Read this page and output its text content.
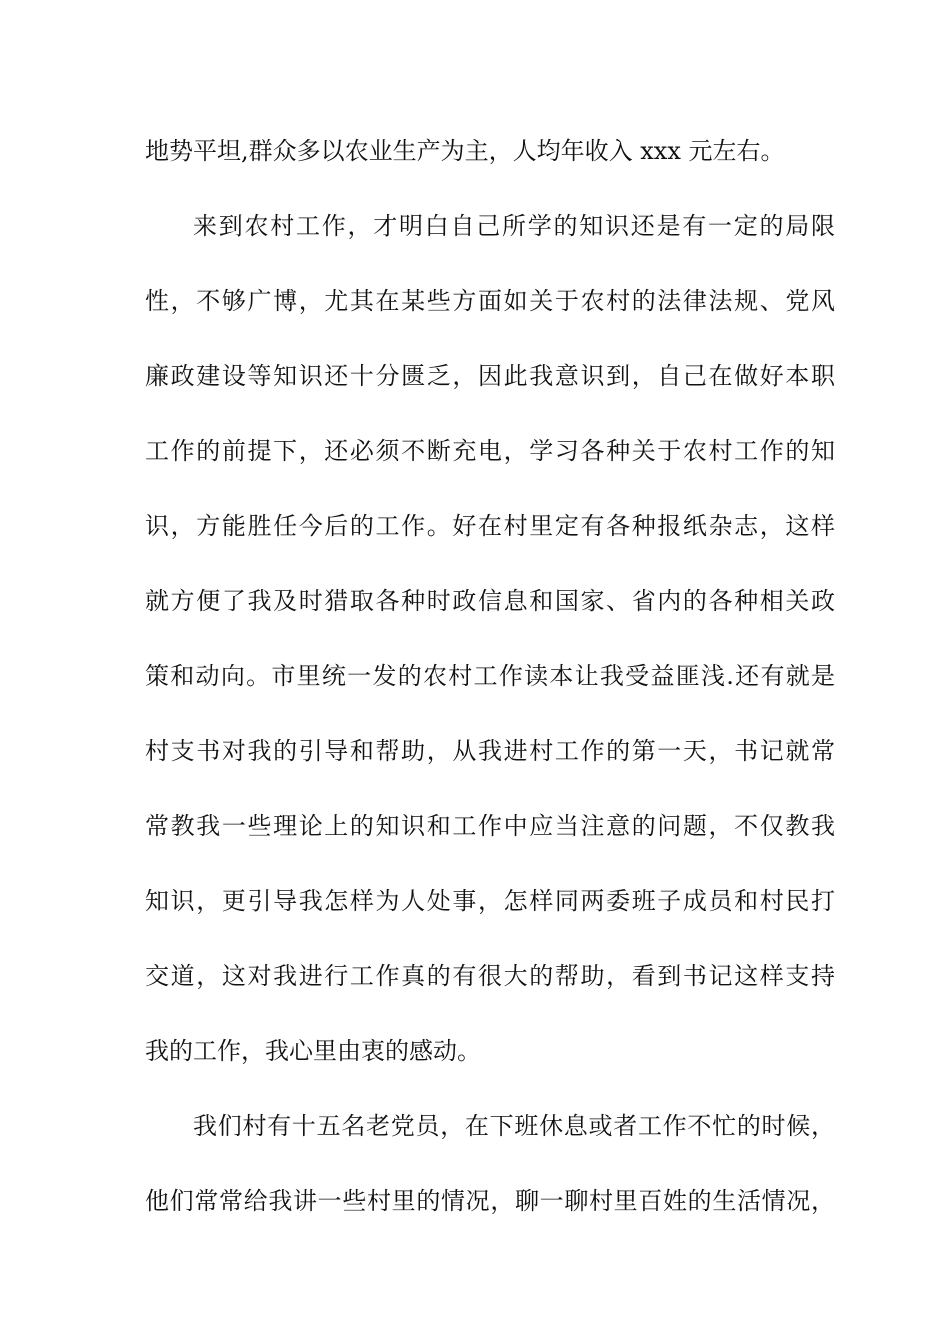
地势平坦,群众多以农业生产为主，人均年收入 xxx 元左右。
来到农村工作，才明白自己所学的知识还是有一定的局限
性，不够广博，尤其在某些方面如关于农村的法律法规、党风
廉政建设等知识还十分匮乏，因此我意识到，自己在做好本职
工作的前提下，还必须不断充电，学习各种关于农村工作的知
识，方能胜任今后的工作。好在村里定有各种报纸杂志，这样
就方便了我及时猎取各种时政信息和国家、省内的各种相关政
策和动向。市里统一发的农村工作读本让我受益匪浅.还有就是
村支书对我的引导和帮助，从我进村工作的第一天，书记就常
常教我一些理论上的知识和工作中应当注意的问题，不仅教我
知识，更引导我怎样为人处事，怎样同两委班子成员和村民打
交道，这对我进行工作真的有很大的帮助，看到书记这样支持
我的工作，我心里由衷的感动。
我们村有十五名老党员，在下班休息或者工作不忙的时候，
他们常常给我讲一些村里的情况，聊一聊村里百姓的生活情况，
